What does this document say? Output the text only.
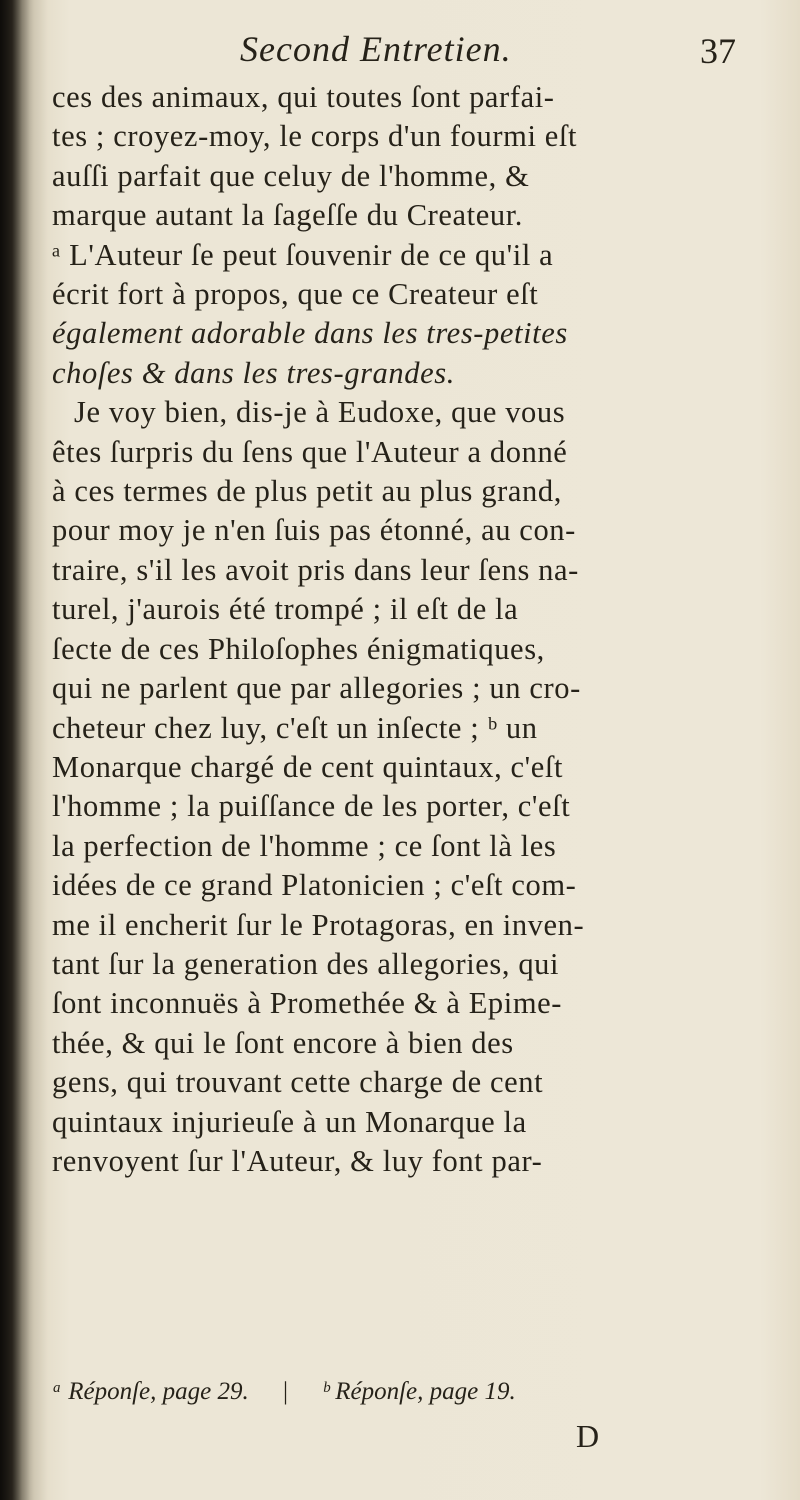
Second Entretien.	37
ces des animaux, qui toutes ſont parfai-
tes ; croyez-moy, le corps d'un fourmi eſt
auſſi parfait que celuy de l'homme, &
marque autant la ſageſſe du Createur.
ᵃ L'Auteur ſe peut ſouvenir de ce qu'il a
écrit fort à propos, que ce Createur eſt
également adorable dans les tres-petites
choſes & dans les tres-grandes.
Je voy bien, dis-je à Eudoxe, que vous
êtes ſurpris du ſens que l'Auteur a donné
à ces termes de plus petit au plus grand,
pour moy je n'en ſuis pas étonné, au con-
traire, s'il les avoit pris dans leur ſens na-
turel, j'aurois été trompé ; il eſt de la
ſecte de ces Philoſophes énigmatiques,
qui ne parlent que par allegories ; un cro-
cheteur chez luy, c'eſt un inſecte ; ᵇ un
Monarque chargé de cent quintaux, c'eſt
l'homme ; la puiſſance de les porter, c'eſt
la perfection de l'homme ; ce ſont là les
idées de ce grand Platonicien ; c'eſt com-
me il encherit ſur le Protagoras, en inven-
tant ſur la generation des allegories, qui
ſont inconnuës à Promethée & à Epime-
thée, & qui le ſont encore à bien des
gens, qui trouvant cette charge de cent
quintaux injurieuſe à un Monarque la
renvoyent ſur l'Auteur, & luy font par-
ᵃ Réponſe, page 29. | ᵇ Réponſe, page 19.
D
